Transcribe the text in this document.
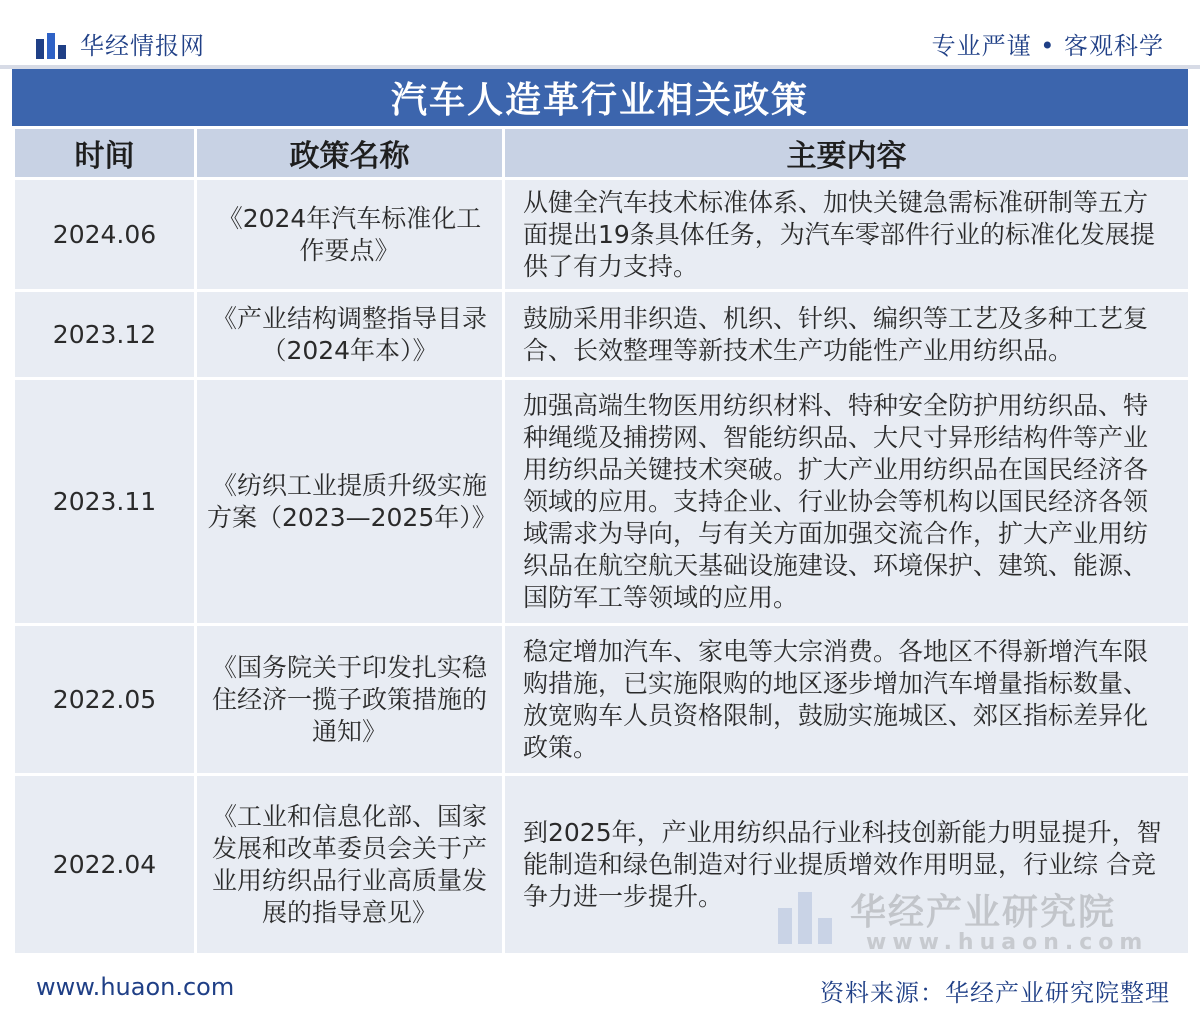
华经情报网	专业严谨 • 客观科学
汽车人造革行业相关政策
时间	政策名称	主要内容
2024.06	《2024年汽车标准化工作要点》	从健全汽车技术标准体系、加快关键急需标准研制等五方面提出19条具体任务，为汽车零部件行业的标准化发展提供了有力支持。
2023.12	《产业结构调整指导目录（2024年本）》	鼓励采用非织造、机织、针织、编织等工艺及多种工艺复合、长效整理等新技术生产功能性产业用纺织品。
2023.11	《纺织工业提质升级实施方案（2023—2025年）》	加强高端生物医用纺织材料、特种安全防护用纺织品、特种绳缆及捕捞网、智能纺织品、大尺寸异形结构件等产业用纺织品关键技术突破。扩大产业用纺织品在国民经济各领域的应用。支持企业、行业协会等机构以国民经济各领域需求为导向，与有关方面加强交流合作，扩大产业用纺织品在航空航天基础设施建设、环境保护、建筑、能源、国防军工等领域的应用。
2022.05	《国务院关于印发扎实稳住经济一揽子政策措施的通知》	稳定增加汽车、家电等大宗消费。各地区不得新增汽车限购措施，已实施限购的地区逐步增加汽车增量指标数量、放宽购车人员资格限制，鼓励实施城区、郊区指标差异化政策。
2022.04	《工业和信息化部、国家发展和改革委员会关于产业用纺织品行业高质量发展的指导意见》	到2025年，产业用纺织品行业科技创新能力明显提升，智能制造和绿色制造对行业提质增效作用明显，行业综 合竞争力进一步提升。	华经产业研究院
www.huaon.com
www.huaon.com	资料来源：华经产业研究院整理
